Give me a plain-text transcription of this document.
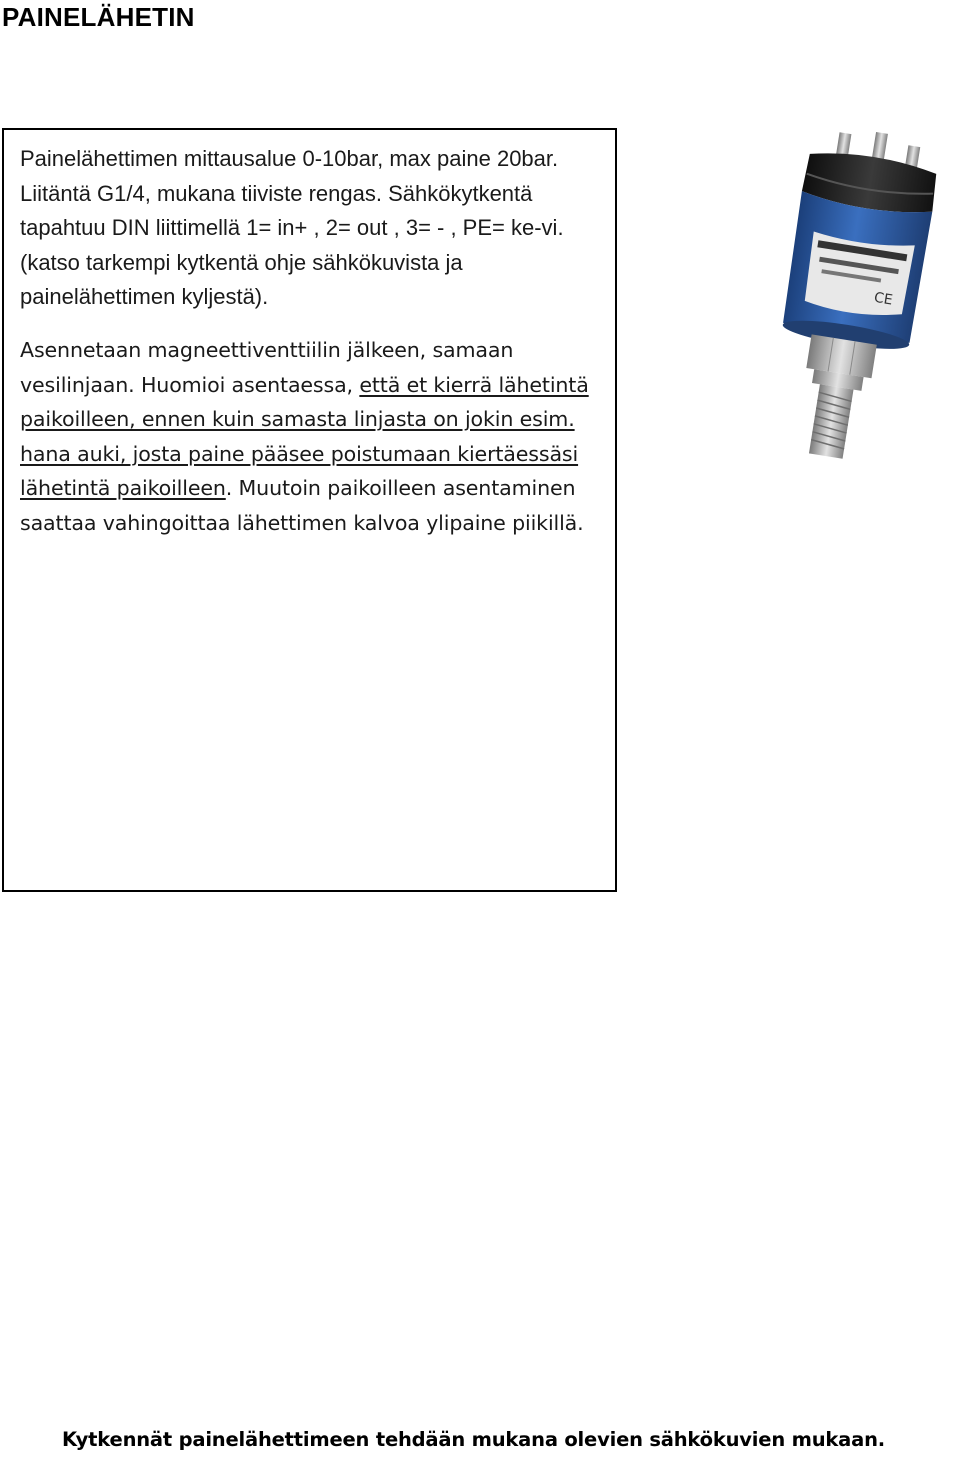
PAINELÄHETIN

Painelähettimen mittausalue 0-10bar, max paine 20bar. Liitäntä G1/4, mukana tiiviste rengas. Sähkökytkentä tapahtuu DIN liittimellä 1= in+ , 2= out , 3= - , PE= ke-vi. (katso tarkempi kytkentä ohje sähkökuvista ja painelähettimen kyljestä).

Asennetaan magneettiventtiilin jälkeen, samaan vesilinjaan. Huomioi asentaessa, että et kierrä lähetintä paikoilleen, ennen kuin samasta linjasta on jokin esim. hana auki, josta paine pääsee poistumaan kiertäessäsi lähetintä paikoilleen. Muutoin paikoilleen asentaminen saattaa vahingoittaa lähettimen kalvoa ylipaine piikillä.

CE
Kytkennät painelähettimeen tehdään mukana olevien sähkökuvien mukaan.
